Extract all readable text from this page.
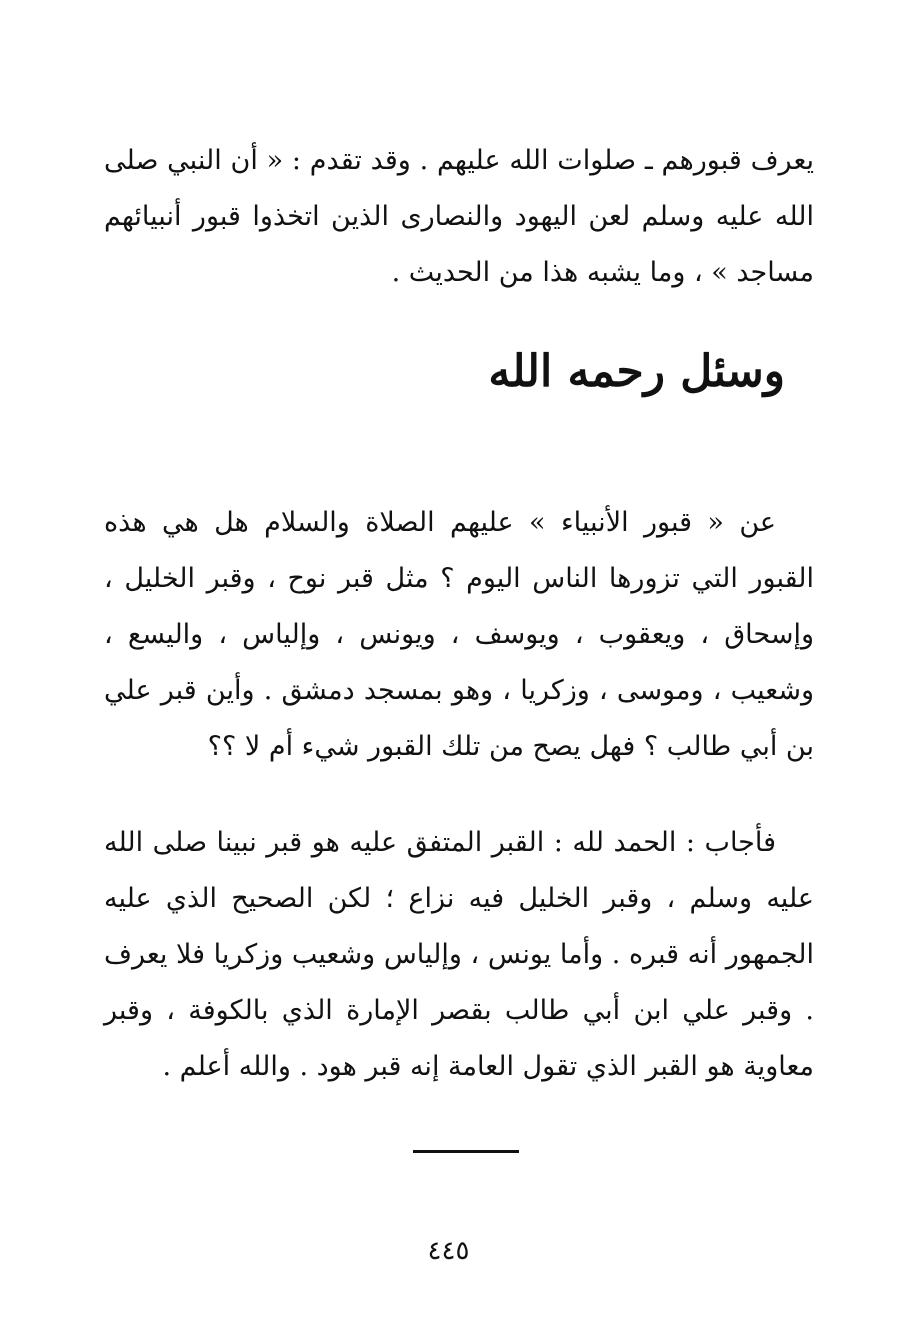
يعرف قبورهم ـ صلوات الله عليهم . وقد تقدم : « أن النبي صلى الله عليه وسلم لعن اليهود والنصارى الذين اتخذوا قبور أنبيائهم مساجد » ، وما يشبه هذا من الحديث .

وسئل رحمه الله

عن « قبور الأنبياء » عليهم الصلاة والسلام هل هي هذه القبور التي تزورها الناس اليوم ؟ مثل قبر نوح ، وقبر الخليل ، وإسحاق ، ويعقوب ، ويوسف ، ويونس ، وإلياس ، واليسع ، وشعيب ، وموسى ، وزكريا ، وهو بمسجد دمشق . وأين قبر علي بن أبي طالب ؟ فهل يصح من تلك القبور شيء أم لا ؟؟

فأجاب : الحمد لله : القبر المتفق عليه هو قبر نبينا صلى الله عليه وسلم ، وقبر الخليل فيه نزاع ؛ لكن الصحيح الذي عليه الجمهور أنه قبره . وأما يونس ، وإلياس وشعيب وزكريا فلا يعرف . وقبر علي ابن أبي طالب بقصر الإمارة الذي بالكوفة ، وقبر معاوية هو القبر الذي تقول العامة إنه قبر هود . والله أعلم .

٤٤٥
